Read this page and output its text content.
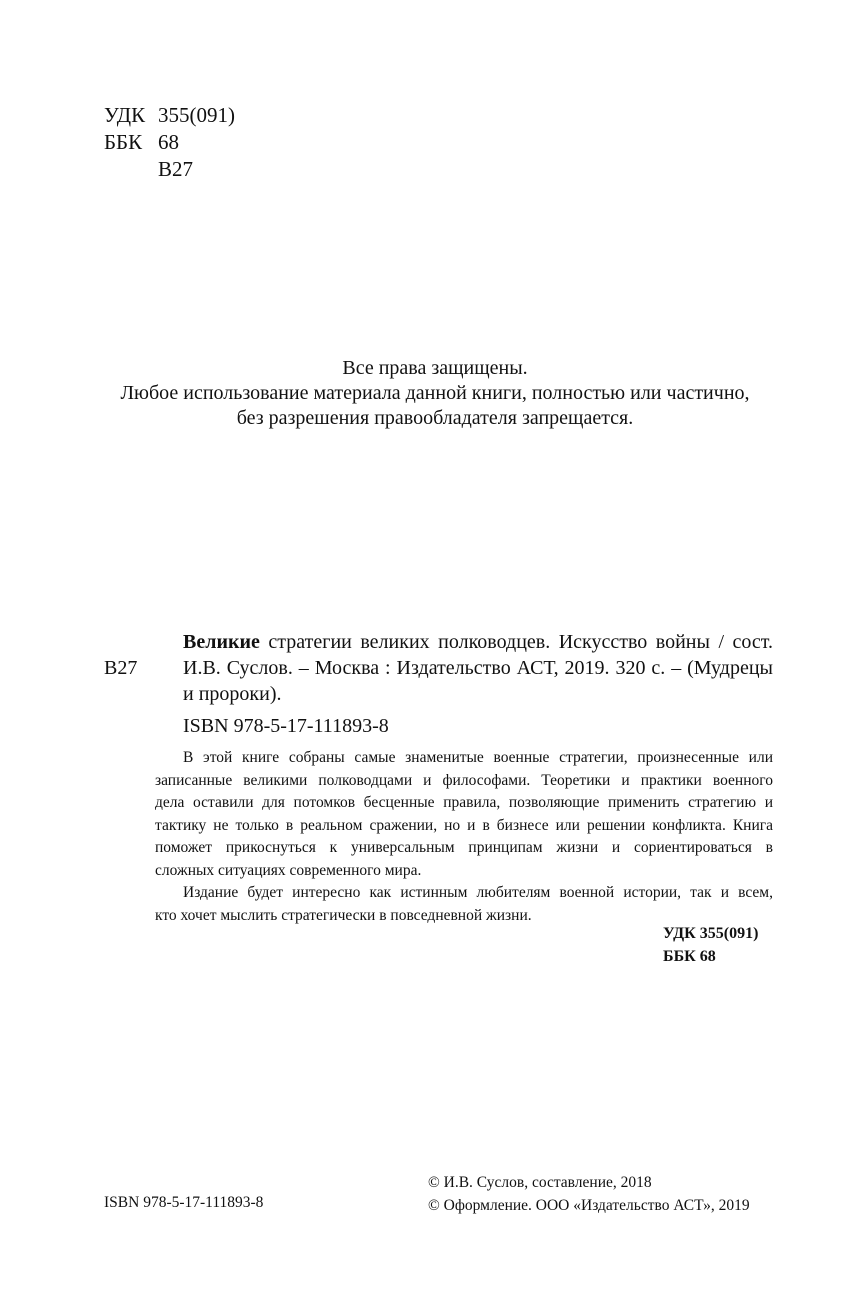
УДК 355(091)
ББК 68
В27
Все права защищены.
Любое использование материала данной книги, полностью или частично,
без разрешения правообладателя запрещается.
В27
Великие стратегии великих полководцев. Искусство войны / сост.
И.В. Суслов. – Москва : Издательство АСТ, 2019. 320 с. – (Мудрецы
и пророки).
ISBN 978-5-17-111893-8
В этой книге собраны самые знаменитые военные стратегии, произнесенные или
записанные великими полководцами и философами. Теоретики и практики военного
дела оставили для потомков бесценные правила, позволяющие применить стратегию и
тактику не только в реальном сражении, но и в бизнесе или решении конфликта. Книга
поможет прикоснуться к универсальным принципам жизни и сориентироваться в
сложных ситуациях современного мира.
Издание будет интересно как истинным любителям военной истории, так и всем,
кто хочет мыслить стратегически в повседневной жизни.
УДК 355(091)
ББК 68
ISBN 978-5-17-111893-8
© И.В. Суслов, составление, 2018
© Оформление. ООО «Издательство АСТ», 2019
